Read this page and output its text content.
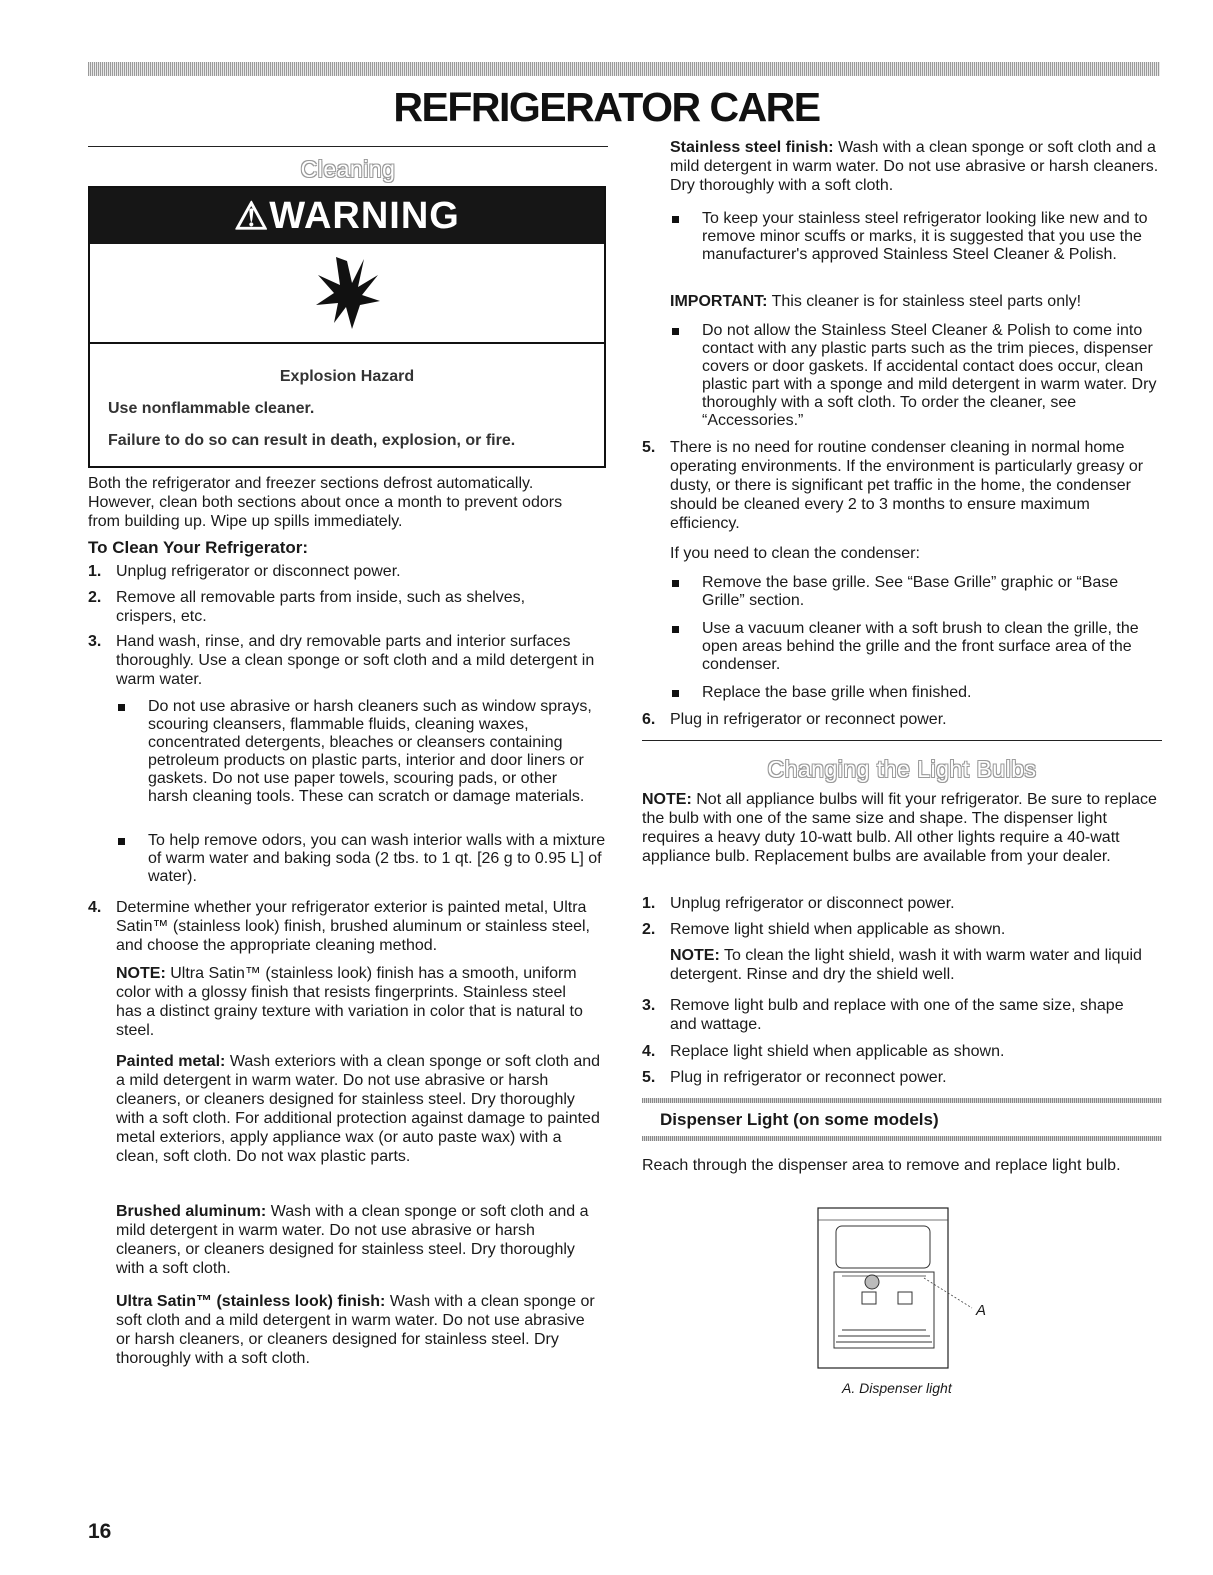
REFRIGERATOR CARE
Cleaning
⚠ WARNING
Explosion Hazard
Use nonflammable cleaner.
Failure to do so can result in death, explosion, or fire.

Both the refrigerator and freezer sections defrost automatically. However, clean both sections about once a month to prevent odors from building up. Wipe up spills immediately.

To Clean Your Refrigerator:
1. Unplug refrigerator or disconnect power.
2. Remove all removable parts from inside, such as shelves, crispers, etc.
3. Hand wash, rinse, and dry removable parts and interior surfaces thoroughly. Use a clean sponge or soft cloth and a mild detergent in warm water.
Do not use abrasive or harsh cleaners such as window sprays, scouring cleansers, flammable fluids, cleaning waxes, concentrated detergents, bleaches or cleansers containing petroleum products on plastic parts, interior and door liners or gaskets. Do not use paper towels, scouring pads, or other harsh cleaning tools. These can scratch or damage materials.
To help remove odors, you can wash interior walls with a mixture of warm water and baking soda (2 tbs. to 1 qt. [26 g to 0.95 L] of water).
4. Determine whether your refrigerator exterior is painted metal, Ultra Satin™ (stainless look) finish, brushed aluminum or stainless steel, and choose the appropriate cleaning method.

NOTE: Ultra Satin™ (stainless look) finish has a smooth, uniform color with a glossy finish that resists fingerprints. Stainless steel has a distinct grainy texture with variation in color that is natural to steel.

Painted metal: Wash exteriors with a clean sponge or soft cloth and a mild detergent in warm water. Do not use abrasive or harsh cleaners, or cleaners designed for stainless steel. Dry thoroughly with a soft cloth. For additional protection against damage to painted metal exteriors, apply appliance wax (or auto paste wax) with a clean, soft cloth. Do not wax plastic parts.

Brushed aluminum: Wash with a clean sponge or soft cloth and a mild detergent in warm water. Do not use abrasive or harsh cleaners, or cleaners designed for stainless steel. Dry thoroughly with a soft cloth.

Ultra Satin™ (stainless look) finish: Wash with a clean sponge or soft cloth and a mild detergent in warm water. Do not use abrasive or harsh cleaners, or cleaners designed for stainless steel. Dry thoroughly with a soft cloth.

Stainless steel finish: Wash with a clean sponge or soft cloth and a mild detergent in warm water. Do not use abrasive or harsh cleaners. Dry thoroughly with a soft cloth.

To keep your stainless steel refrigerator looking like new and to remove minor scuffs or marks, it is suggested that you use the manufacturer's approved Stainless Steel Cleaner & Polish.

IMPORTANT: This cleaner is for stainless steel parts only!

Do not allow the Stainless Steel Cleaner & Polish to come into contact with any plastic parts such as the trim pieces, dispenser covers or door gaskets. If accidental contact does occur, clean plastic part with a sponge and mild detergent in warm water. Dry thoroughly with a soft cloth. To order the cleaner, see “Accessories.”
5. There is no need for routine condenser cleaning in normal home operating environments. If the environment is particularly greasy or dusty, or there is significant pet traffic in the home, the condenser should be cleaned every 2 to 3 months to ensure maximum efficiency.

If you need to clean the condenser:

Remove the base grille. See “Base Grille” graphic or “Base Grille” section.
Use a vacuum cleaner with a soft brush to clean the grille, the open areas behind the grille and the front surface area of the condenser.
Replace the base grille when finished.
6. Plug in refrigerator or reconnect power.
Changing the Light Bulbs

NOTE: Not all appliance bulbs will fit your refrigerator. Be sure to replace the bulb with one of the same size and shape. The dispenser light requires a heavy duty 10-watt bulb. All other lights require a 40-watt appliance bulb. Replacement bulbs are available from your dealer.

1. Unplug refrigerator or disconnect power.
2. Remove light shield when applicable as shown.

NOTE: To clean the light shield, wash it with warm water and liquid detergent. Rinse and dry the shield well.

3. Remove light bulb and replace with one of the same size, shape and wattage.
4. Replace light shield when applicable as shown.
5. Plug in refrigerator or reconnect power.
Dispenser Light (on some models)

Reach through the dispenser area to remove and replace light bulb.

A
A. Dispenser light
16
